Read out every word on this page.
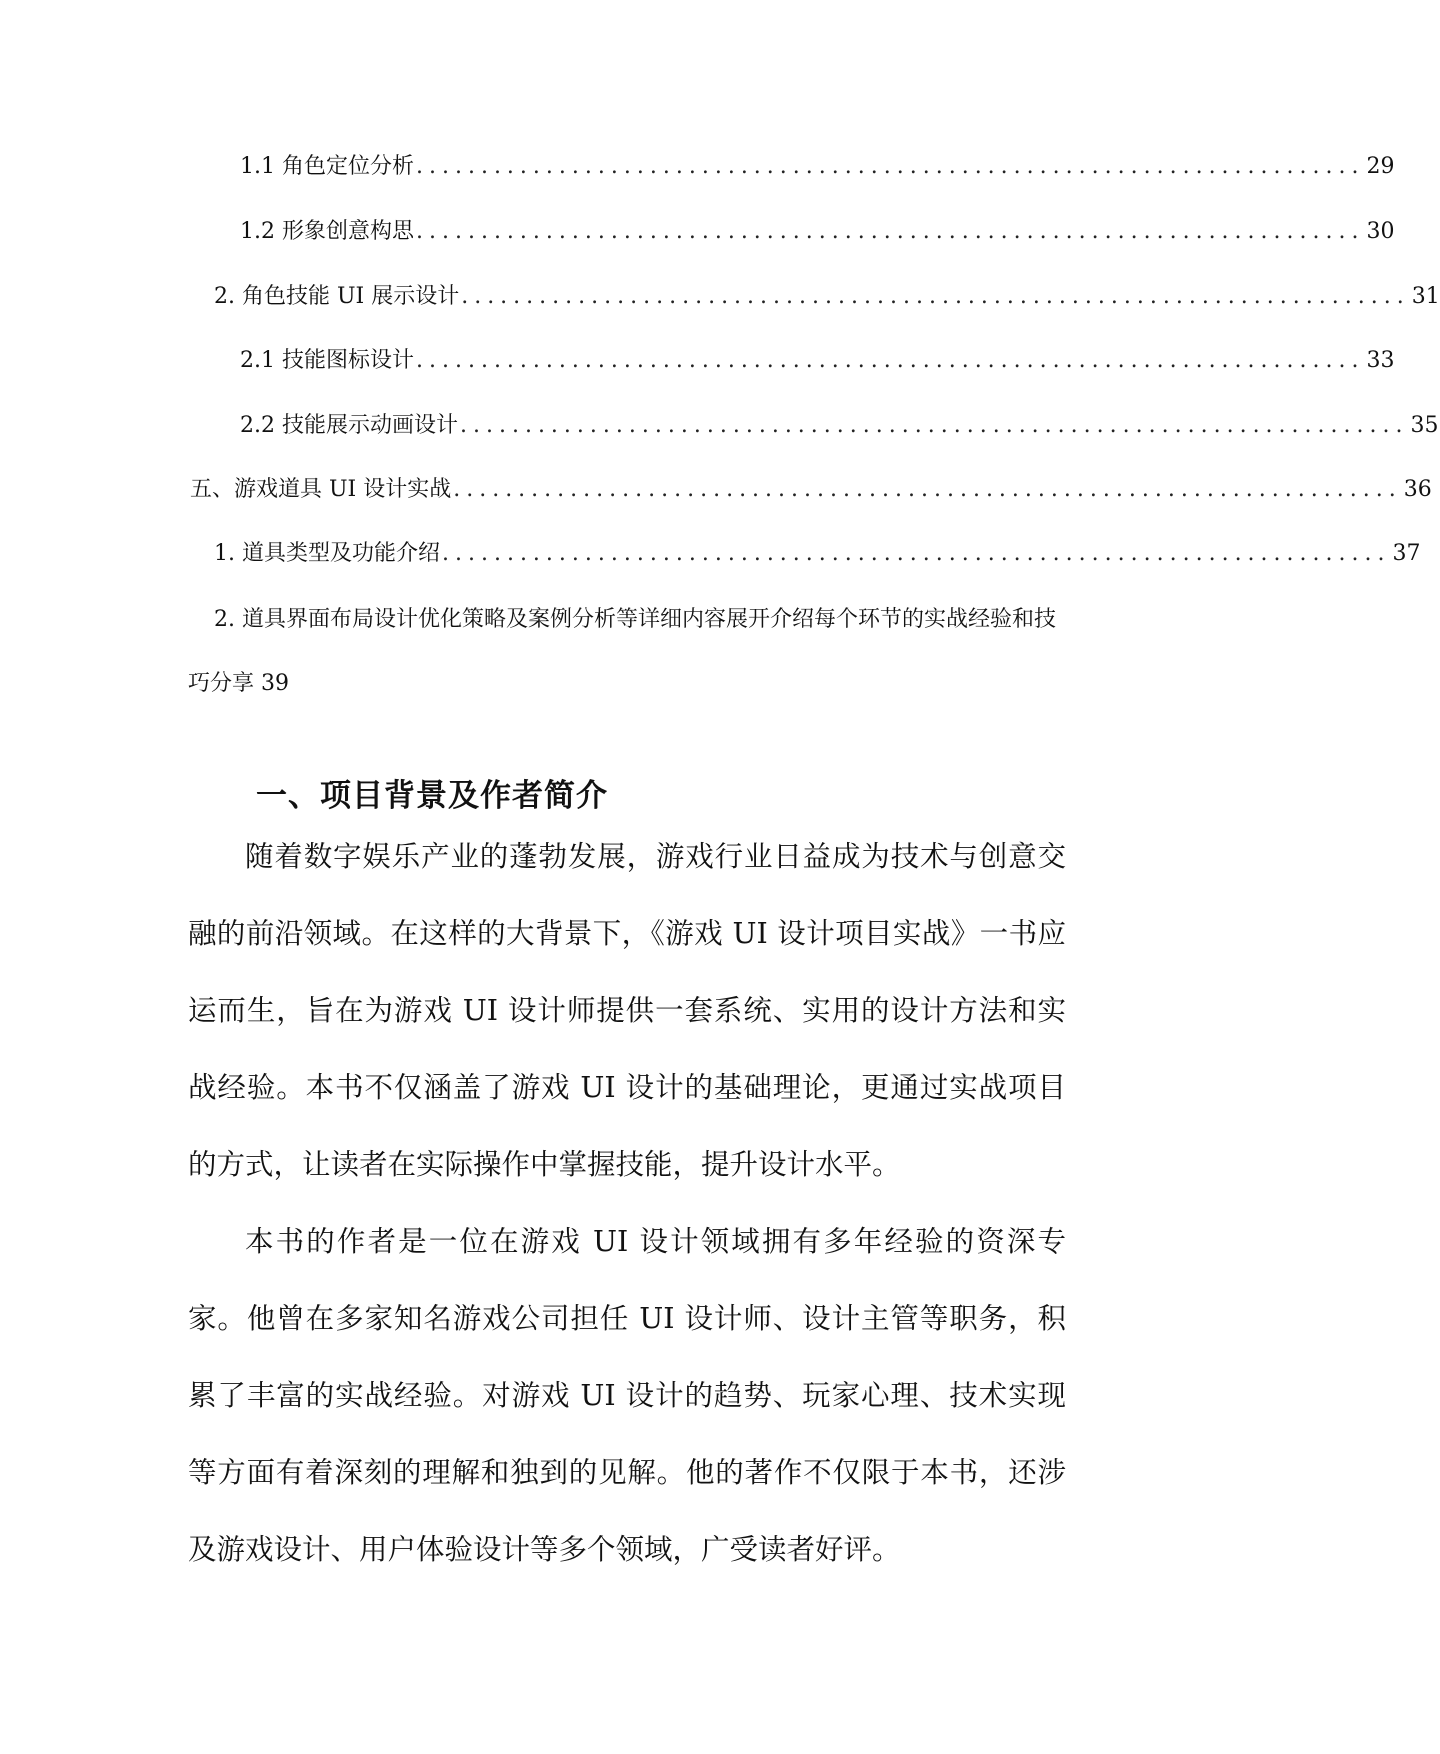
1.1 角色定位分析 ......................................................................... 29
1.2 形象创意构思 ......................................................................... 30
2. 角色技能 UI 展示设计 ......................................................................... 31
2.1 技能图标设计 ......................................................................... 33
2.2 技能展示动画设计 ......................................................................... 35
五、游戏道具 UI 设计实战 ......................................................................... 36
1. 道具类型及功能介绍 ......................................................................... 37
2. 道具界面布局设计优化策略及案例分析等详细内容展开介绍每个环节的实战经验和技巧分享 39
一、项目背景及作者简介

随着数字娱乐产业的蓬勃发展，游戏行业日益成为技术与创意交融的前沿领域。在这样的大背景下，《游戏 UI 设计项目实战》一书应运而生，旨在为游戏 UI 设计师提供一套系统、实用的设计方法和实战经验。本书不仅涵盖了游戏 UI 设计的基础理论，更通过实战项目的方式，让读者在实际操作中掌握技能，提升设计水平。

本书的作者是一位在游戏 UI 设计领域拥有多年经验的资深专家。他曾在多家知名游戏公司担任 UI 设计师、设计主管等职务，积累了丰富的实战经验。对游戏 UI 设计的趋势、玩家心理、技术实现等方面有着深刻的理解和独到的见解。他的著作不仅限于本书，还涉及游戏设计、用户体验设计等多个领域，广受读者好评。
